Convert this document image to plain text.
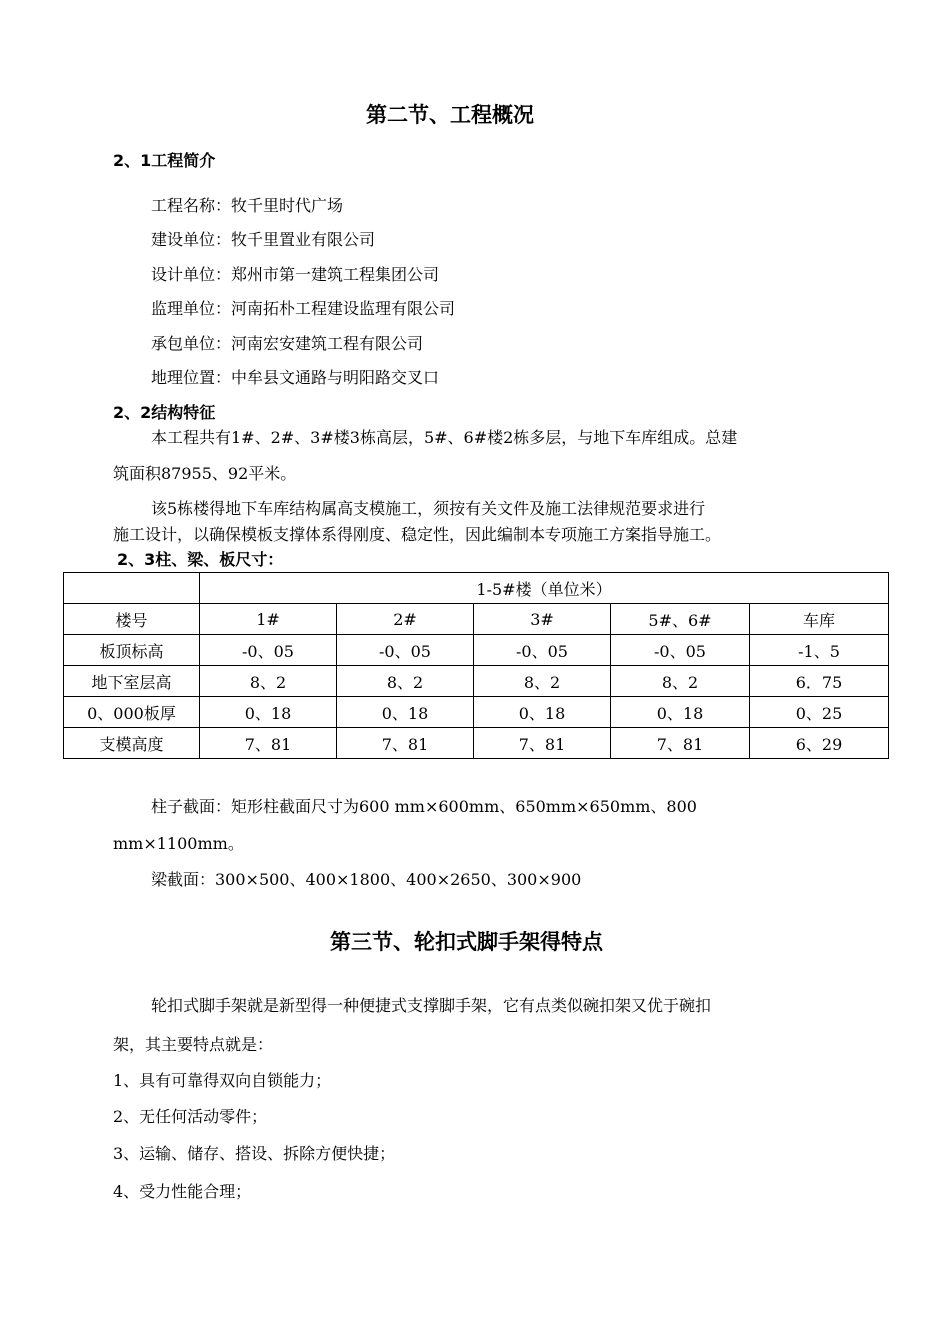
第二节、工程概况
2、1工程简介
工程名称：牧千里时代广场
建设单位：牧千里置业有限公司
设计单位：郑州市第一建筑工程集团公司
监理单位：河南拓朴工程建设监理有限公司
承包单位：河南宏安建筑工程有限公司
地理位置：中牟县文通路与明阳路交叉口
2、2结构特征
本工程共有1#、2#、3#楼3栋高层，5#、6#楼2栋多层，与地下车库组成。总建
筑面积87955、92平米。
该5栋楼得地下车库结构属高支模施工，须按有关文件及施工法律规范要求进行
施工设计，以确保模板支撑体系得刚度、稳定性，因此编制本专项施工方案指导施工。
2、3柱、梁、板尺寸：
	1-5#楼（单位米）				
楼号	1#	2#	3#	5#、6#	车库
板顶标高	-0、05	-0、05	-0、05	-0、05	-1、5
地下室层高	8、2	8、2	8、2	8、2	6．75
0、000板厚	0、18	0、18	0、18	0、18	0、25
支模高度	7、81	7、81	7、81	7、81	6、29
柱子截面：矩形柱截面尺寸为600 mm×600mm、650mm×650mm、800
mm×1100mm。
梁截面：300×500、400×1800、400×2650、300×900
第三节、轮扣式脚手架得特点
轮扣式脚手架就是新型得一种便捷式支撑脚手架，它有点类似碗扣架又优于碗扣
架，其主要特点就是：
1、具有可靠得双向自锁能力；
2、无任何活动零件；
3、运输、储存、搭设、拆除方便快捷；
4、受力性能合理；
